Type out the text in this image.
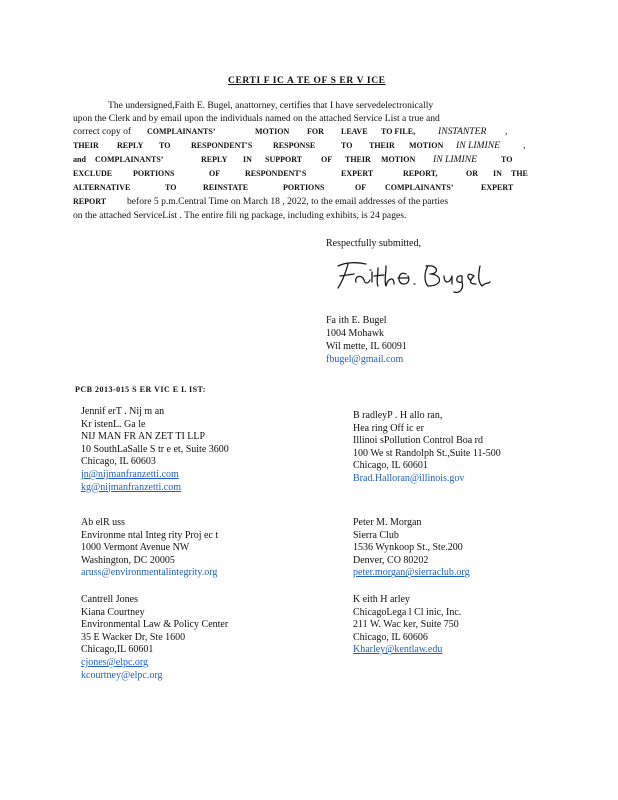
CERTI F IC A TE OF S ER V ICE
The undersigned,Faith E. Bugel, anattorney, certifies that I have servedelectronically
upon the Clerk and by email upon the individuals named on the attached Service List a true and
correct copy of COMPLAINANTS’	MOTION FOR LEAVE TO FILE, INSTANTER ,
THEIR REPLY TO	RESPONDENT'S	RESPONSE	TO THEIR MOTION IN LIMINE ,
and COMPLAINANTS’	REPLY IN SUPPORT OF THEIR MOTION IN LIMINE	TO
EXCLUDE	PORTIONS	OF	RESPONDENT'S	EXPERT	REPORT,	OR IN THE
ALTERNATIVE	TO	REINSTATE	PORTIONS	OF COMPLAINANTS’	EXPERT
REPORT before 5 p.m.Central Time on March 18 , 2022, to the email addresses of the parties
on the attached ServiceList . The entire fili ng package, including exhibits, is 24 pages.
Respectfully submitted,
Fa ith E. Bugel
1004 Mohawk
Wil mette, IL 60091
fbugel@gmail.com
PCB 2013-015 S ER VIC E L IST:
Jennif erT . Nij m an
Kr istenL. Ga le
NIJ MAN FR AN ZET TI LLP
10 SouthLaSalle S tr e et, Suite 3600
Chicago, IL 60603
jn@nijmanfranzetti.com
kg@nijmanfranzetti.com
B radleyP . H allo ran,
Hea ring Off ic er
Illinoi sPollution Control Boa rd
100 We st Randolph St.,Suite 11-500
Chicago, IL 60601
Brad.Halloran@illinois.gov
Ab elR uss
Environme ntal Integ rity Proj ec t
1000 Vermont Avenue NW
Washington, DC 20005
aruss@environmentalintegrity.org
Peter M. Morgan
Sierra Club
1536 Wynkoop St., Ste.200
Denver, CO 80202
peter.morgan@sierraclub.org
Cantrell Jones
Kiana Courtney
Environmental Law & Policy Center
35 E Wacker Dr, Ste 1600
Chicago,IL 60601
cjones@elpc.org
kcourtney@elpc.org
K eith H arley
ChicagoLega l Cl inic, Inc.
211 W. Wac ker, Suite 750
Chicago, IL 60606
Kharley@kentlaw.edu
